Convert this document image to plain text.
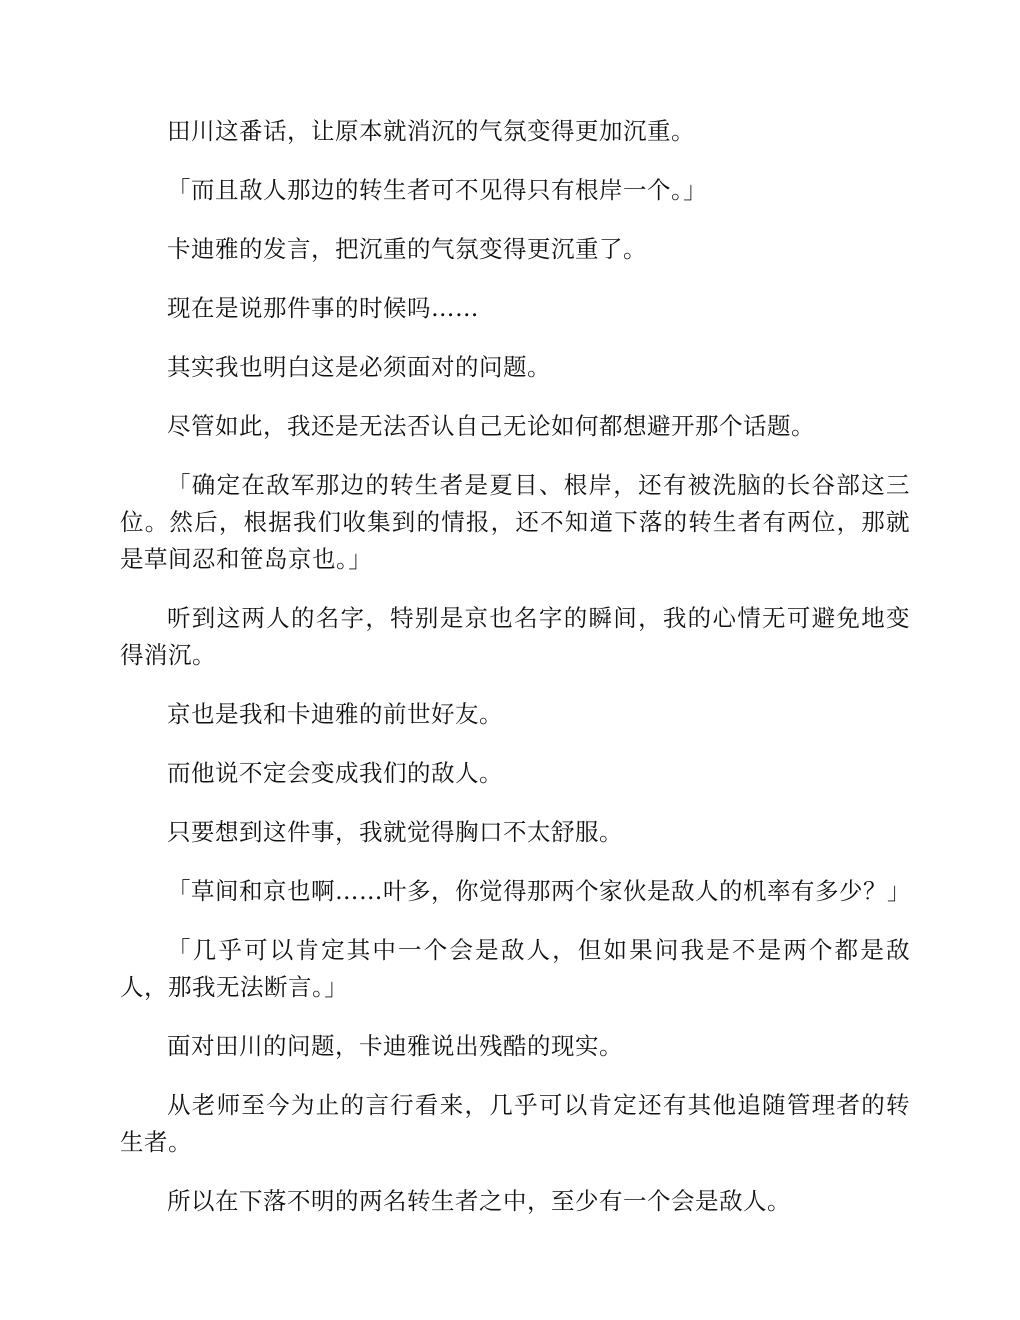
田川这番话，让原本就消沉的气氛变得更加沉重。

「而且敌人那边的转生者可不见得只有根岸一个。」

卡迪雅的发言，把沉重的气氛变得更沉重了。

现在是说那件事的时候吗……

其实我也明白这是必须面对的问题。

尽管如此，我还是无法否认自己无论如何都想避开那个话题。

「确定在敌军那边的转生者是夏目、根岸，还有被洗脑的长谷部这三位。然后，根据我们收集到的情报，还不知道下落的转生者有两位，那就是草间忍和笹岛京也。」

听到这两人的名字，特别是京也名字的瞬间，我的心情无可避免地变得消沉。

京也是我和卡迪雅的前世好友。

而他说不定会变成我们的敌人。

只要想到这件事，我就觉得胸口不太舒服。

「草间和京也啊……叶多，你觉得那两个家伙是敌人的机率有多少？」

「几乎可以肯定其中一个会是敌人，但如果问我是不是两个都是敌人，那我无法断言。」

面对田川的问题，卡迪雅说出残酷的现实。

从老师至今为止的言行看来，几乎可以肯定还有其他追随管理者的转生者。

所以在下落不明的两名转生者之中，至少有一个会是敌人。
